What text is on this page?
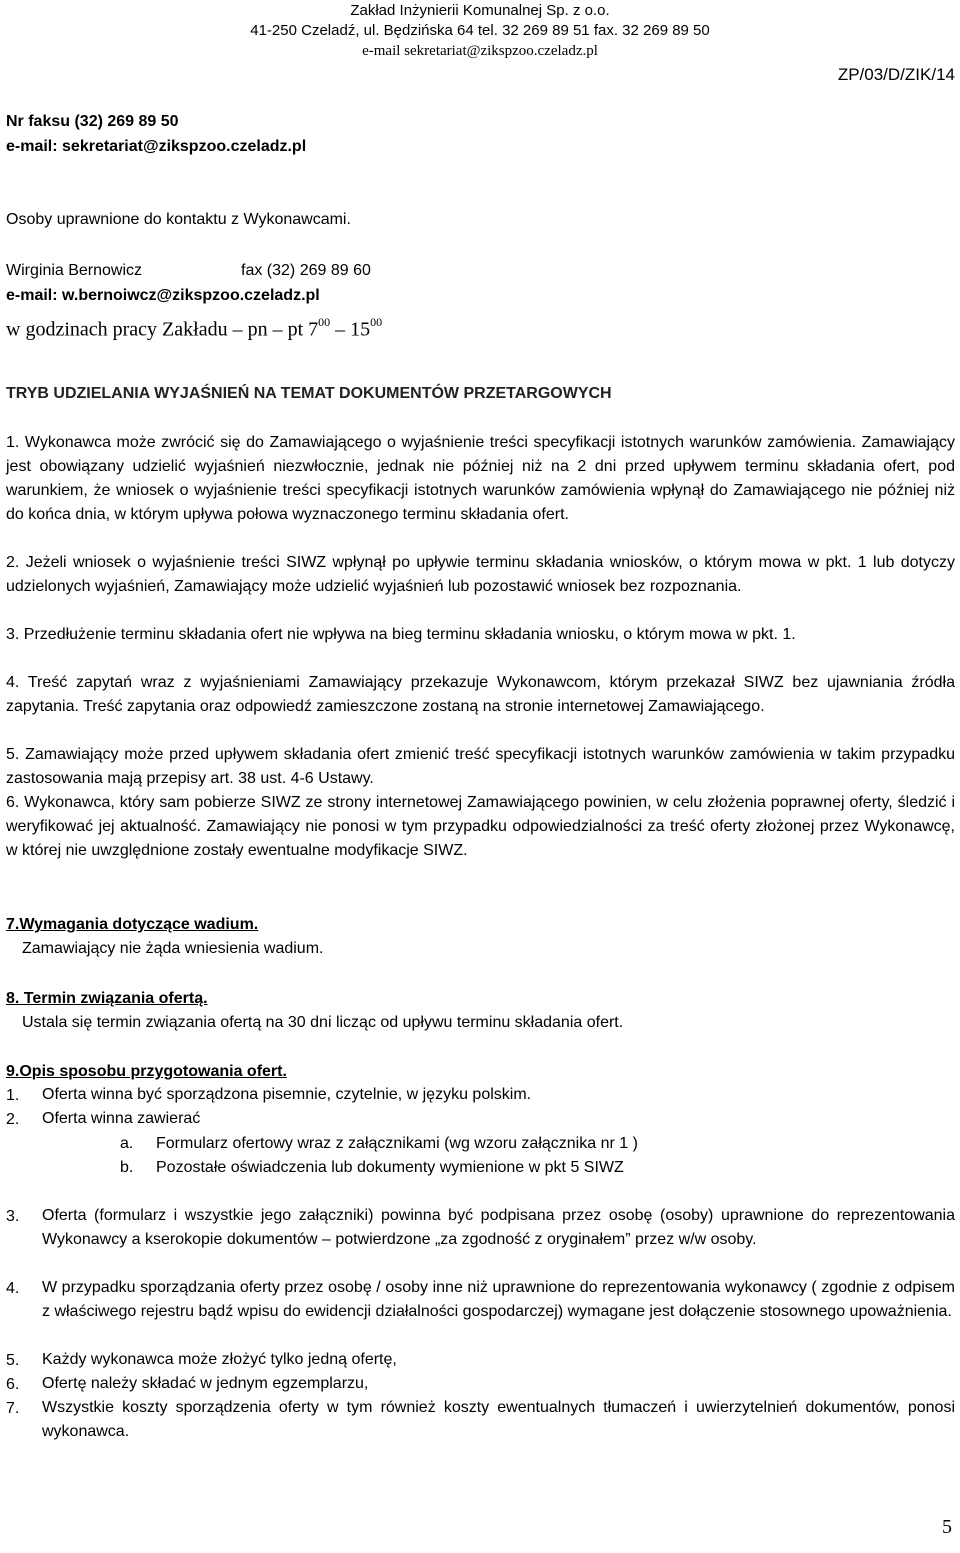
Zakład Inżynierii Komunalnej Sp. z o.o.
41-250 Czeladź, ul. Będzińska 64 tel. 32 269 89 51 fax. 32 269 89 50
e-mail sekretariat@zikspzoo.czeladz.pl
ZP/03/D/ZIK/14
Nr faksu (32) 269 89 50
e-mail: sekretariat@zikspzoo.czeladz.pl
Osoby uprawnione do kontaktu z Wykonawcami.
Wirginia Bernowicz	fax (32) 269 89 60
e-mail: w.bernoiwcz@zikspzoo.czeladz.pl
w godzinach pracy Zakładu – pn – pt $7^{00} - 15^{00}$
TRYB UDZIELANIA WYJAŚNIEŃ NA TEMAT DOKUMENTÓW PRZETARGOWYCH

1. Wykonawca może zwrócić się do Zamawiającego o wyjaśnienie treści specyfikacji istotnych warunków zamówienia. Zamawiający jest obowiązany udzielić wyjaśnień niezwłocznie, jednak nie później niż na 2 dni przed upływem terminu składania ofert, pod warunkiem, że wniosek o wyjaśnienie treści specyfikacji istotnych warunków zamówienia wpłynął do Zamawiającego nie później niż do końca dnia, w którym upływa połowa wyznaczonego terminu składania ofert.

2. Jeżeli wniosek o wyjaśnienie treści SIWZ wpłynął po upływie terminu składania wniosków, o którym mowa w pkt. 1 lub dotyczy udzielonych wyjaśnień, Zamawiający może udzielić wyjaśnień lub pozostawić wniosek bez rozpoznania.

3. Przedłużenie terminu składania ofert nie wpływa na bieg terminu składania wniosku, o którym mowa w pkt. 1.

4. Treść zapytań wraz z wyjaśnieniami Zamawiający przekazuje Wykonawcom, którym przekazał SIWZ bez ujawniania źródła zapytania. Treść zapytania oraz odpowiedź zamieszczone zostaną na stronie internetowej Zamawiającego.

5. Zamawiający może przed upływem składania ofert zmienić treść specyfikacji istotnych warunków zamówienia w takim przypadku zastosowania mają przepisy art. 38 ust. 4-6 Ustawy.

6. Wykonawca, który sam pobierze SIWZ ze strony internetowej Zamawiającego powinien, w celu złożenia poprawnej oferty, śledzić i weryfikować jej aktualność. Zamawiający nie ponosi w tym przypadku odpowiedzialności za treść oferty złożonej przez Wykonawcę, w której nie uwzględnione zostały ewentualne modyfikacje SIWZ.

7.Wymagania dotyczące wadium.
Zamawiający nie żąda wniesienia wadium.
8. Termin związania ofertą.
Ustala się termin związania ofertą na 30 dni licząc od upływu terminu składania ofert.
9.Opis sposobu przygotowania ofert.
1. Oferta winna być sporządzona pisemnie, czytelnie, w języku polskim.

2. Oferta winna zawierać

a. Formularz ofertowy wraz z załącznikami (wg wzoru załącznika nr 1 )
b. Pozostałe oświadczenia lub dokumenty wymienione w pkt 5 SIWZ
3. Oferta (formularz i wszystkie jego załączniki) powinna być podpisana przez osobę (osoby) uprawnione do reprezentowania Wykonawcy a kserokopie dokumentów – potwierdzone „za zgodność z oryginałem” przez w/w osoby.

4. W przypadku sporządzania oferty przez osobę / osoby inne niż uprawnione do reprezentowania wykonawcy ( zgodnie z odpisem z właściwego rejestru bądź wpisu do ewidencji działalności gospodarczej) wymagane jest dołączenie stosownego upoważnienia.

5. Każdy wykonawca może złożyć tylko jedną ofertę,

6. Ofertę należy składać w jednym egzemplarzu,

7. Wszystkie koszty sporządzenia oferty w tym również koszty ewentualnych tłumaczeń i uwierzytelnień dokumentów, ponosi wykonawca.

5
